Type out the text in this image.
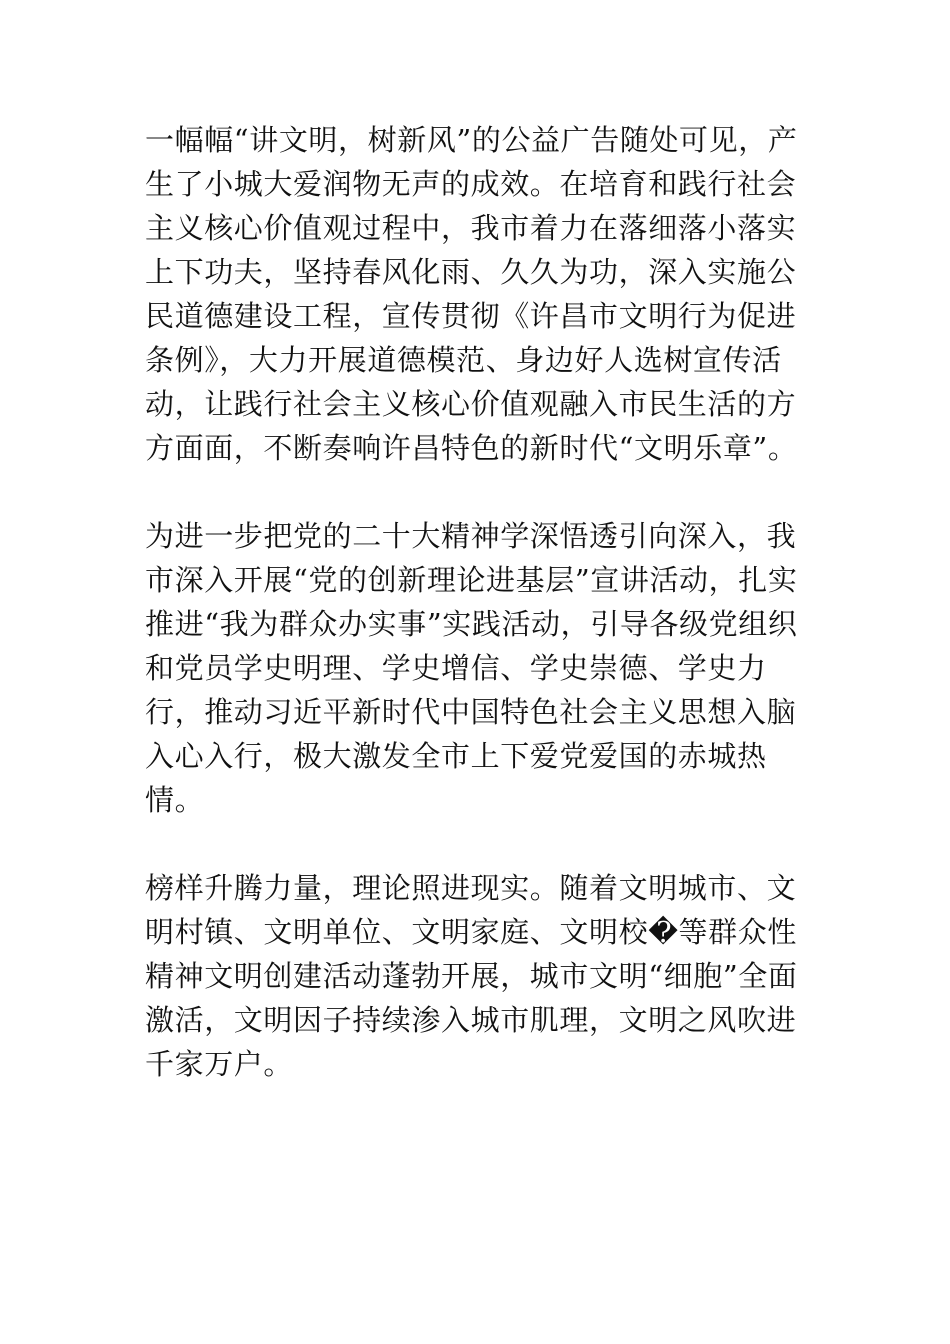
一幅幅“讲文明，树新风”的公益广告随处可见，产生了小城大爱润物无声的成效。在培育和践行社会主义核心价值观过程中，我市着力在落细落小落实上下功夫，坚持春风化雨、久久为功，深入实施公民道德建设工程，宣传贯彻《许昌市文明行为促进条例》，大力开展道德模范、身边好人选树宣传活动，让践行社会主义核心价值观融入市民生活的方方面面，不断奏响许昌特色的新时代“文明乐章”。

为进一步把党的二十大精神学深悟透引向深入，我市深入开展“党的创新理论进基层”宣讲活动，扎实推进“我为群众办实事”实践活动，引导各级党组织和党员学史明理、学史增信、学史崇德、学史力行，推动习近平新时代中国特色社会主义思想入脑入心入行，极大激发全市上下爱党爱国的赤城热情。

榜样升腾力量，理论照进现实。随着文明城市、文明村镇、文明单位、文明家庭、文明校�等群众性精神文明创建活动蓬勃开展，城市文明“细胞”全面激活，文明因子持续渗入城市肌理，文明之风吹进千家万户。
